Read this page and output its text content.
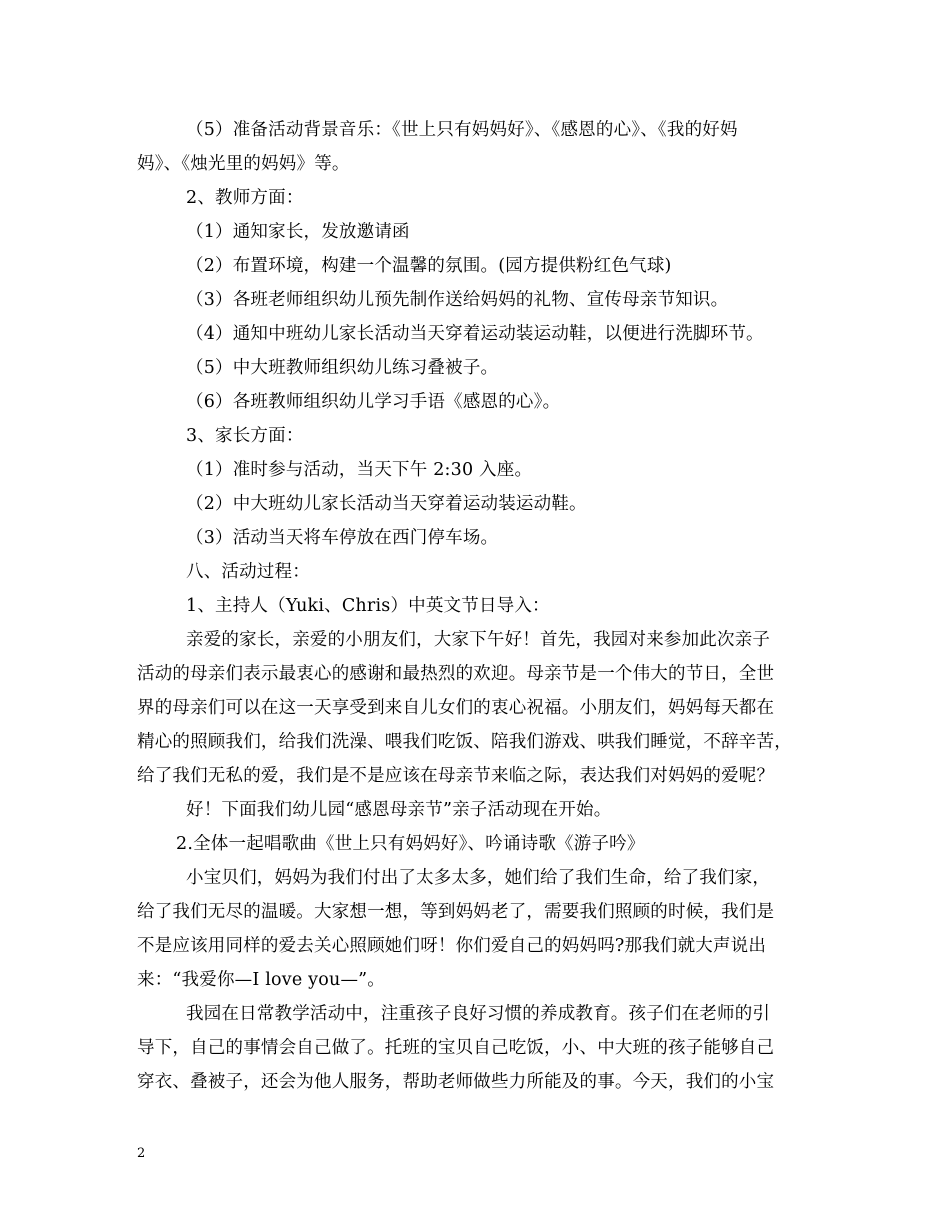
（5）准备活动背景音乐：《世上只有妈妈好》、《感恩的心》、《我的好妈
妈》、《烛光里的妈妈》等。
2、教师方面：
（1）通知家长，发放邀请函
（2）布置环境，构建一个温馨的氛围。(园方提供粉红色气球)
（3）各班老师组织幼儿预先制作送给妈妈的礼物、宣传母亲节知识。
（4）通知中班幼儿家长活动当天穿着运动装运动鞋，以便进行洗脚环节。
（5）中大班教师组织幼儿练习叠被子。
（6）各班教师组织幼儿学习手语《感恩的心》。
3、家长方面：
（1）准时参与活动，当天下午 2:30 入座。
（2）中大班幼儿家长活动当天穿着运动装运动鞋。
（3）活动当天将车停放在西门停车场。
八、活动过程：
1、主持人（Yuki、Chris）中英文节日导入：
亲爱的家长，亲爱的小朋友们，大家下午好！首先，我园对来参加此次亲子
活动的母亲们表示最衷心的感谢和最热烈的欢迎。母亲节是一个伟大的节日，全世
界的母亲们可以在这一天享受到来自儿女们的衷心祝福。小朋友们，妈妈每天都在
精心的照顾我们，给我们洗澡、喂我们吃饭、陪我们游戏、哄我们睡觉，不辞辛苦，
给了我们无私的爱，我们是不是应该在母亲节来临之际，表达我们对妈妈的爱呢？
好！下面我们幼儿园“感恩母亲节”亲子活动现在开始。
2.全体一起唱歌曲《世上只有妈妈好》、吟诵诗歌《游子吟》
小宝贝们，妈妈为我们付出了太多太多，她们给了我们生命，给了我们家，
给了我们无尽的温暖。大家想一想，等到妈妈老了，需要我们照顾的时候，我们是
不是应该用同样的爱去关心照顾她们呀！你们爱自己的妈妈吗?那我们就大声说出
来：“我爱你—I love you—”。
我园在日常教学活动中，注重孩子良好习惯的养成教育。孩子们在老师的引
导下，自己的事情会自己做了。托班的宝贝自己吃饭，小、中大班的孩子能够自己
穿衣、叠被子，还会为他人服务，帮助老师做些力所能及的事。今天，我们的小宝
2
